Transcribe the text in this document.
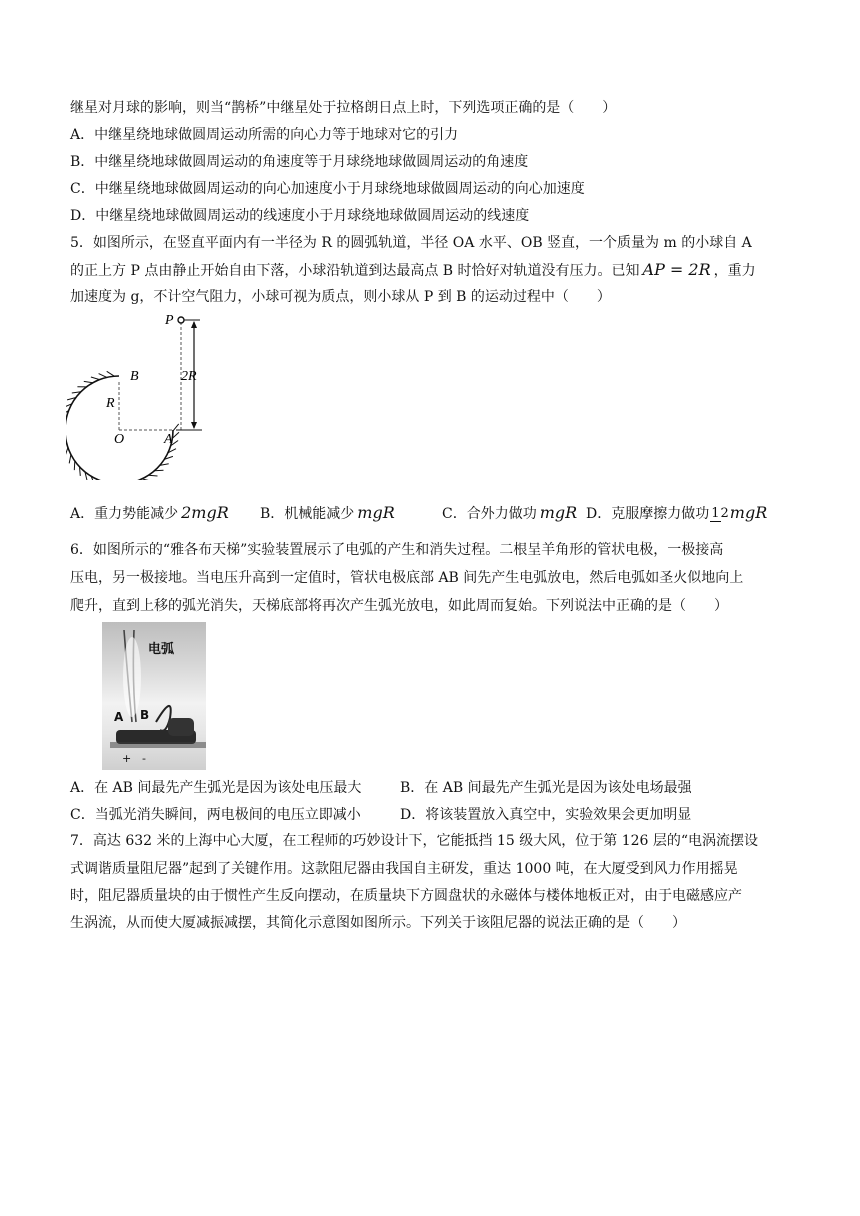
继星对月球的影响，则当“鹊桥”中继星处于拉格朗日点上时，下列选项正确的是（　　）
A．中继星绕地球做圆周运动所需的向心力等于地球对它的引力
B．中继星绕地球做圆周运动的角速度等于月球绕地球做圆周运动的角速度
C．中继星绕地球做圆周运动的向心加速度小于月球绕地球做圆周运动的向心加速度
D．中继星绕地球做圆周运动的线速度小于月球绕地球做圆周运动的线速度
5．如图所示，在竖直平面内有一半径为 R 的圆弧轨道，半径 OA 水平、OB 竖直，一个质量为 m 的小球自 A
的正上方 P 点由静止开始自由下落，小球沿轨道到达最高点 B 时恰好对轨道没有压力。已知 AP = 2R ，重力
加速度为 g，不计空气阻力，小球可视为质点，则小球从 P 到 B 的运动过程中（　　）
P
B
R
O	A
2R
A．重力势能减少 2mgR B．机械能减少 mgR	C．合外力做功 mgR D．克服摩擦力做功 12mgR
6．如图所示的“雅各布天梯”实验装置展示了电弧的产生和消失过程。二根呈羊角形的管状电极，一极接高
压电，另一极接地。当电压升高到一定值时，管状电极底部 AB 间先产生电弧放电，然后电弧如圣火似地向上
爬升，直到上移的弧光消失，天梯底部将再次产生弧光放电，如此周而复始。下列说法中正确的是（　　）
电弧
A B
+ -
A．在 AB 间最先产生弧光是因为该处电压最大	B．在 AB 间最先产生弧光是因为该处电场最强
C．当弧光消失瞬间，两电极间的电压立即减小	D．将该装置放入真空中，实验效果会更加明显
7．高达 632 米的上海中心大厦，在工程师的巧妙设计下，它能抵挡 15 级大风，位于第 126 层的“电涡流摆设
式调谐质量阻尼器”起到了关键作用。这款阻尼器由我国自主研发，重达 1000 吨，在大厦受到风力作用摇晃
时，阻尼器质量块的由于惯性产生反向摆动，在质量块下方圆盘状的永磁体与楼体地板正对，由于电磁感应产
生涡流，从而使大厦减振减摆，其简化示意图如图所示。下列关于该阻尼器的说法正确的是（　　）
